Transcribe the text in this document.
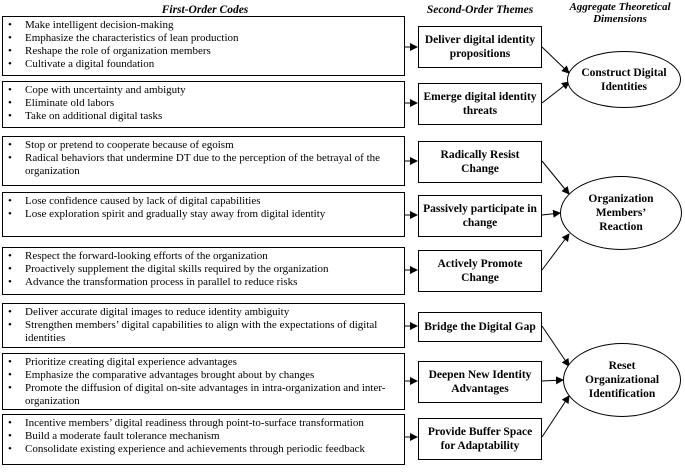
First-Order Codes	Second-Order Themes	Aggregate Theoretical Dimensions
• Make intelligent decision-making
• Emphasize the characteristics of lean production
• Reshape the role of organization members
• Cultivate a digital foundation
Deliver digital identity propositions
• Cope with uncertainty and ambiguty
• Eliminate old labors
• Take on additional digital tasks
Emerge digital identity threats
• Stop or pretend to cooperate because of egoism
• Radical behaviors that undermine DT due to the perception of the betrayal of the organization
Radically Resist Change
• Lose confidence caused by lack of digital capabilities
• Lose exploration spirit and gradually stay away from digital identity	Passively participate in change
• Respect the forward-looking efforts of the organization
• Proactively supplement the digital skills required by the organization
• Advance the transformation process in parallel to reduce risks
Actively Promote Change
• Deliver accurate digital images to reduce identity ambiguity
• Strengthen members’ digital capabilities to align with the expectations of digital identities
Bridge the Digital Gap
• Prioritize creating digital experience advantages
• Emphasize the comparative advantages brought about by changes
• Promote the diffusion of digital on-site advantages in intra-organization and inter-organization
Deepen New Identity Advantages
• Incentive members’ digital readiness through point-to-surface transformation
• Build a moderate fault tolerance mechanism
• Consolidate existing experience and achievements through periodic feedback
Provide Buffer Space for Adaptability
Construct Digital Identities
Organization Members’ Reaction
Reset Organizational Identification
